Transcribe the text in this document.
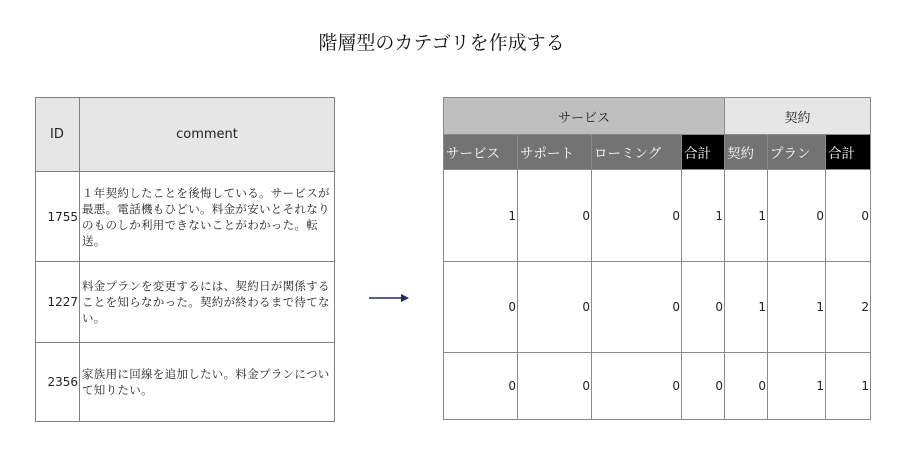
階層型のカテゴリを作成する
ID	comment
1755	１年契約したことを後悔している。サービスが最悪。電話機もひどい。料金が安いとそれなりのものしか利用できないことがわかった。転送。
1227	料金プランを変更するには、契約日が関係することを知らなかった。契約が終わるまで待てない。
2356	家族用に回線を追加したい。料金プランについて知りたい。
サービス				契約		
サービス	サポート	ローミング	合計	契約	プラン	合計
1	0	0	1	1	0	0
0	0	0	0	1	1	2
0	0	0	0	0	1	1
